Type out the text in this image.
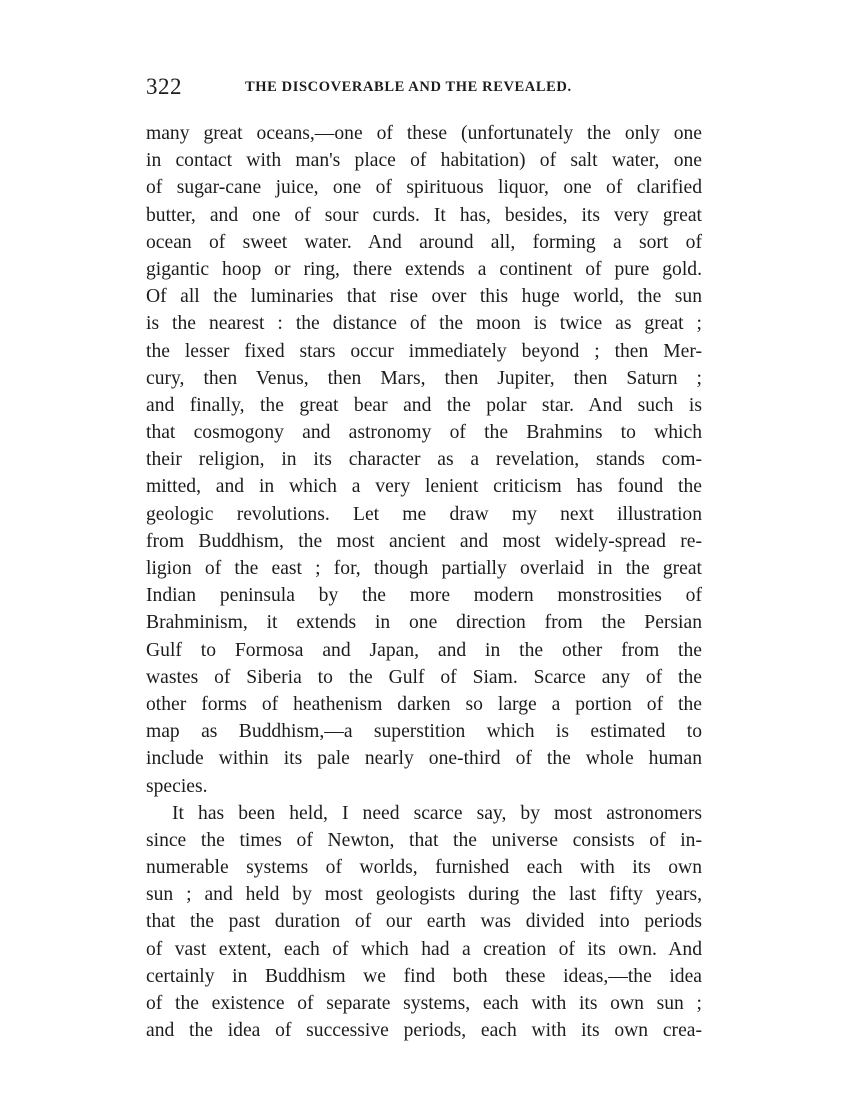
322	THE DISCOVERABLE AND THE REVEALED.
many great oceans,—one of these (unfortunately the only one
in contact with man's place of habitation) of salt water, one
of sugar-cane juice, one of spirituous liquor, one of clarified
butter, and one of sour curds. It has, besides, its very great
ocean of sweet water. And around all, forming a sort of
gigantic hoop or ring, there extends a continent of pure gold.
Of all the luminaries that rise over this huge world, the sun
is the nearest : the distance of the moon is twice as great ;
the lesser fixed stars occur immediately beyond ; then Mer-
cury, then Venus, then Mars, then Jupiter, then Saturn ;
and finally, the great bear and the polar star. And such is
that cosmogony and astronomy of the Brahmins to which
their religion, in its character as a revelation, stands com-
mitted, and in which a very lenient criticism has found the
geologic revolutions. Let me draw my next illustration
from Buddhism, the most ancient and most widely-spread re-
ligion of the east ; for, though partially overlaid in the great
Indian peninsula by the more modern monstrosities of
Brahminism, it extends in one direction from the Persian
Gulf to Formosa and Japan, and in the other from the
wastes of Siberia to the Gulf of Siam. Scarce any of the
other forms of heathenism darken so large a portion of the
map as Buddhism,—a superstition which is estimated to
include within its pale nearly one-third of the whole human
species.
It has been held, I need scarce say, by most astronomers
since the times of Newton, that the universe consists of in-
numerable systems of worlds, furnished each with its own
sun ; and held by most geologists during the last fifty years,
that the past duration of our earth was divided into periods
of vast extent, each of which had a creation of its own. And
certainly in Buddhism we find both these ideas,—the idea
of the existence of separate systems, each with its own sun ;
and the idea of successive periods, each with its own crea-
